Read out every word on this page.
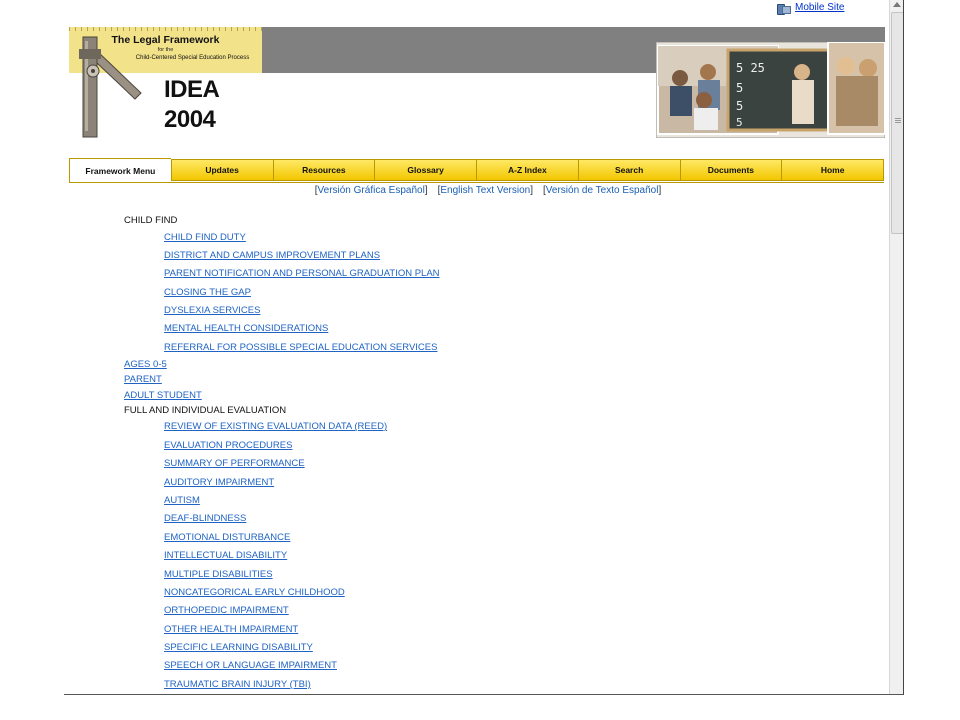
Mobile Site
The Legal Framework
for the
Child-Centered Special Education Process
IDEA
2004
5 25
5
5
5
Framework Menu	Updates	Resources	Glossary	A-Z Index	Search	Documents	Home
[Versión Gráfica Español] [English Text Version] [Versión de Texto Español]
CHILD FIND
CHILD FIND DUTY
DISTRICT AND CAMPUS IMPROVEMENT PLANS
PARENT NOTIFICATION AND PERSONAL GRADUATION PLAN
CLOSING THE GAP
DYSLEXIA SERVICES
MENTAL HEALTH CONSIDERATIONS
REFERRAL FOR POSSIBLE SPECIAL EDUCATION SERVICES
AGES 0-5
PARENT
ADULT STUDENT
FULL AND INDIVIDUAL EVALUATION
REVIEW OF EXISTING EVALUATION DATA (REED)
EVALUATION PROCEDURES
SUMMARY OF PERFORMANCE
AUDITORY IMPAIRMENT
AUTISM
DEAF-BLINDNESS
EMOTIONAL DISTURBANCE
INTELLECTUAL DISABILITY
MULTIPLE DISABILITIES
NONCATEGORICAL EARLY CHILDHOOD
ORTHOPEDIC IMPAIRMENT
OTHER HEALTH IMPAIRMENT
SPECIFIC LEARNING DISABILITY
SPEECH OR LANGUAGE IMPAIRMENT
TRAUMATIC BRAIN INJURY (TBI)
